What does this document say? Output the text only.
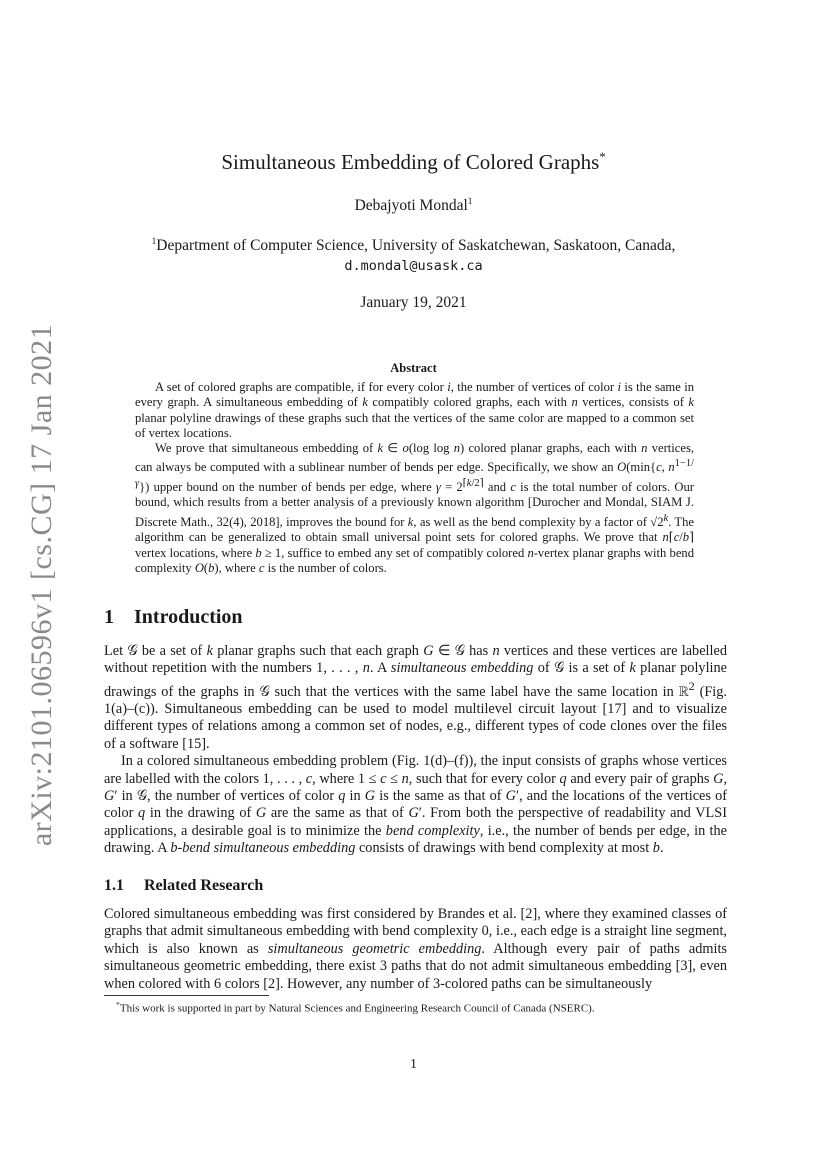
arXiv:2101.06596v1 [cs.CG] 17 Jan 2021
Simultaneous Embedding of Colored Graphs*
Debajyoti Mondal$^1$
$^1$Department of Computer Science, University of Saskatchewan, Saskatoon, Canada,
d.mondal@usask.ca
January 19, 2021
Abstract

A set of colored graphs are compatible, if for every color i, the number of vertices of color i is the same in every graph. A simultaneous embedding of k compatibly colored graphs, each with n vertices, consists of k planar polyline drawings of these graphs such that the vertices of the same color are mapped to a common set of vertex locations.

We prove that simultaneous embedding of k ∈ o(log log n) colored planar graphs, each with n vertices, can always be computed with a sublinear number of bends per edge. Specifically, we show an O(min{c, $n^{1-1/\gamma}$}) upper bound on the number of bends per edge, where $\gamma = 2^{⌈k/2⌉}$ and c is the total number of colors. Our bound, which results from a better analysis of a previously known algorithm [Durocher and Mondal, SIAM J. Discrete Math., 32(4), 2018], improves the bound for k, as well as the bend complexity by a factor of √2$^k$. The algorithm can be generalized to obtain small universal point sets for colored graphs. We prove that n⌈c/b⌉ vertex locations, where b ≥ 1, suffice to embed any set of compatibly colored n-vertex planar graphs with bend complexity O(b), where c is the number of colors.

1 Introduction

Let 𝒢 be a set of k planar graphs such that each graph G ∈ 𝒢 has n vertices and these vertices are labelled without repetition with the numbers 1, . . . , n. A simultaneous embedding of 𝒢 is a set of k planar polyline drawings of the graphs in 𝒢 such that the vertices with the same label have the same location in ℝ$^2$ (Fig. 1(a)–(c)). Simultaneous embedding can be used to model multilevel circuit layout [17] and to visualize different types of relations among a common set of nodes, e.g., different types of code clones over the files of a software [15].

In a colored simultaneous embedding problem (Fig. 1(d)–(f)), the input consists of graphs whose vertices are labelled with the colors 1, . . . , c, where 1 ≤ c ≤ n, such that for every color q and every pair of graphs G, G′ in 𝒢, the number of vertices of color q in G is the same as that of G′, and the locations of the vertices of color q in the drawing of G are the same as that of G′. From both the perspective of readability and VLSI applications, a desirable goal is to minimize the bend complexity, i.e., the number of bends per edge, in the drawing. A b-bend simultaneous embedding consists of drawings with bend complexity at most b.

1.1 Related Research

Colored simultaneous embedding was first considered by Brandes et al. [2], where they examined classes of graphs that admit simultaneous embedding with bend complexity 0, i.e., each edge is a straight line segment, which is also known as simultaneous geometric embedding. Although every pair of paths admits simultaneous geometric embedding, there exist 3 paths that do not admit simultaneous embedding [3], even when colored with 6 colors [2]. However, any number of 3-colored paths can be simultaneously

*This work is supported in part by Natural Sciences and Engineering Research Council of Canada (NSERC).
1
